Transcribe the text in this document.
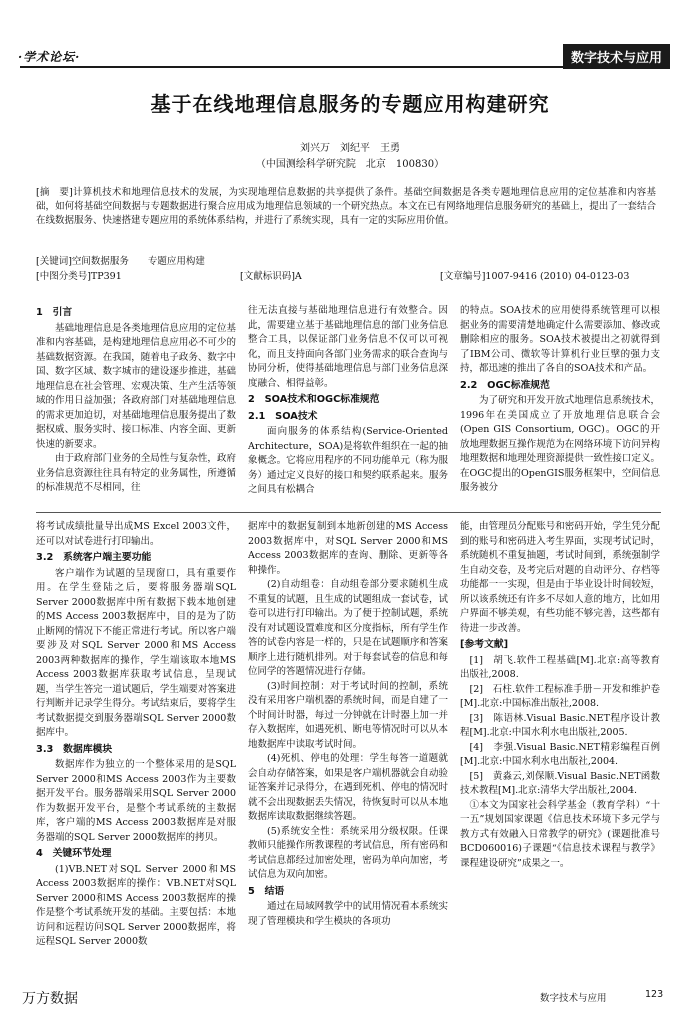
·学术论坛·	数字技术与应用
基于在线地理信息服务的专题应用构建研究
刘兴万　刘纪平　王勇
（中国测绘科学研究院　北京　100830）
[摘　要]计算机技术和地理信息技术的发展，为实现地理信息数据的共享提供了条件。基础空间数据是各类专题地理信息应用的定位基准和内容基础，如何将基础空间数据与专题数据进行聚合应用成为地理信息领域的一个研究热点。本文在已有网络地理信息服务研究的基础上，提出了一套结合在线数据服务、快速搭建专题应用的系统体系结构，并进行了系统实现，具有一定的实际应用价值。
[关键词]空间数据服务　　专题应用构建
[中图分类号]TP391	[文献标识码]A	[文章编号]1007-9416 (2010) 04-0123-03
1　引言

基础地理信息是各类地理信息应用的定位基准和内容基础，是构建地理信息应用必不可少的基础数据资源。在我国，随着电子政务、数字中国、数字区域、数字城市的建设逐步推进，基础地理信息在社会管理、宏观决策、生产生活等领域的作用日益加强；各政府部门对基础地理信息的需求更加迫切，对基础地理信息服务提出了数据权威、服务实时、接口标准、内容全面、更新快速的新要求。

由于政府部门业务的全局性与复杂性，政府业务信息资源往往具有特定的业务属性，所遵循的标准规范不尽相同，往

往无法直接与基础地理信息进行有效整合。因此，需要建立基于基础地理信息的部门业务信息整合工具，以保证部门业务信息不仅可以可视化，而且支持面向各部门业务需求的联合查询与协同分析，使得基础地理信息与部门业务信息深度融合、相得益彰。

2　SOA技术和OGC标准规范
2.1　SOA技术

面向服务的体系结构(Service-Oriented Architecture，SOA)是将软件组织在一起的抽象概念。它将应用程序的不同功能单元（称为服务）通过定义良好的接口和契约联系起来。服务之间具有松耦合

的特点。SOA技术的应用使得系统管理可以根据业务的需要清楚地确定什么需要添加、修改或删除相应的服务。SOA技术被提出之初就得到了IBM公司、微软等计算机行业巨擘的强力支持，都迅速的推出了各自的SOA技术和产品。

2.2　OGC标准规范

为了研究和开发开放式地理信息系统技术，1996年在美国成立了开放地理信息联合会(Open GIS Consortium, OGC)。OGC的开放地理数据互操作规范为在网络环境下访问异构地理数据和地理处理资源提供一致性接口定义。在OGC提出的OpenGIS服务框架中，空间信息服务被分

将考试成绩批量导出成MS Excel 2003文件，还可以对试卷进行打印输出。

3.2　系统客户端主要功能

客户端作为试题的呈现窗口，具有重要作用。在学生登陆之后，要将服务器端SQL Server 2000数据库中所有数据下载本地创建的MS Access 2003数据库中，目的是为了防止断网的情况下不能正常进行考试。所以客户端要涉及对SQL Server 2000和MS Access 2003两种数据库的操作，学生端该取本地MS Access 2003数据库获取考试信息，呈现试题，当学生答完一道试题后，学生端要对答案进行判断并记录学生得分。考试结束后，要将学生考试数据提交到服务器端SQL Server 2000数据库中。

3.3　数据库模块

数据库作为独立的一个整体采用的是SQL Server 2000和MS Access 2003作为主要数据开发平台。服务器端采用SQL Server 2000作为数据开发平台，是整个考试系统的主数据库，客户端的MS Access 2003数据库是对服务器端的SQL Server 2000数据库的拷贝。

4　关键环节处理

(1)VB.NET对SQL Server 2000和MS Access 2003数据库的操作：VB.NET对SQL Server 2000和MS Access 2003数据库的操作是整个考试系统开发的基础。主要包括：本地访问和远程访问SQL Server 2000数据库，将远程SQL Server 2000数

据库中的数据复制到本地新创建的MS Access 2003数据库中，对SQL Server 2000和MS Access 2003数据库的查询、删除、更新等各种操作。

(2)自动组卷：自动组卷部分要求随机生成不重复的试题，且生成的试题组成一套试卷，试卷可以进行打印输出。为了便于控制试题，系统没有对试题设置难度和区分度指标，所有学生作答的试卷内容是一样的，只是在试题顺序和答案顺序上进行随机排列。对于每套试卷的信息和每位同学的答题情况进行存储。

(3)时间控制：对于考试时间的控制，系统没有采用客户端机器的系统时间，而是自建了一个时间计时器，每过一分钟就在计时器上加一并存入数据库，如遇死机、断电等情况时可以从本地数据库中读取考试时间。

(4)死机、停电的处理：学生每答一道题就会自动存储答案，如果是客户端机器就会自动验证答案并记录得分，在遇到死机、停电的情况时就不会出现数据丢失情况，待恢复时可以从本地数据库读取数据继续答题。

(5)系统安全性：系统采用分级权限。任课教师只能操作所教课程的考试信息，所有密码和考试信息都经过加密处理，密码为单向加密，考试信息为双向加密。

5　结语

通过在局域网教学中的试用情况看本系统实现了管理模块和学生模块的各项功

能，由管理员分配账号和密码开始，学生凭分配到的账号和密码进入考生界面，实现考试记时，系统随机不重复抽题，考试时间到，系统强制学生自动交卷，及考完后对题的自动评分、存档等功能都一一实现，但是由于毕业设计时间较短，所以该系统还有许多不尽如人意的地方，比如用户界面不够美观，有些功能不够完善，这些都有待进一步改善。

[参考文献]

[1]　胡飞.软件工程基础[M].北京:高等教育出版社,2008.

[2]　石柱.软件工程标准手册－开发和维护卷[M].北京:中国标准出版社,2008.

[3]　陈语林.Visual Basic.NET程序设计教程[M].北京:中国水利水电出版社,2005.

[4]　李强.Visual Basic.NET精彩编程百例[M].北京:中国水利水电出版社,2004.

[5]　黄淼云,刘保顺.Visual Basic.NET函数技术教程[M].北京:清华大学出版社,2004.

①本文为国家社会科学基金（教育学科）“十一五”规划国家课题《信息技术环境下多元学与教方式有效融入日常教学的研究》(课题批准号BCD060016)子课题“《信息技术课程与教学》课程建设研究”成果之一。

万方数据	数字技术与应用	123
